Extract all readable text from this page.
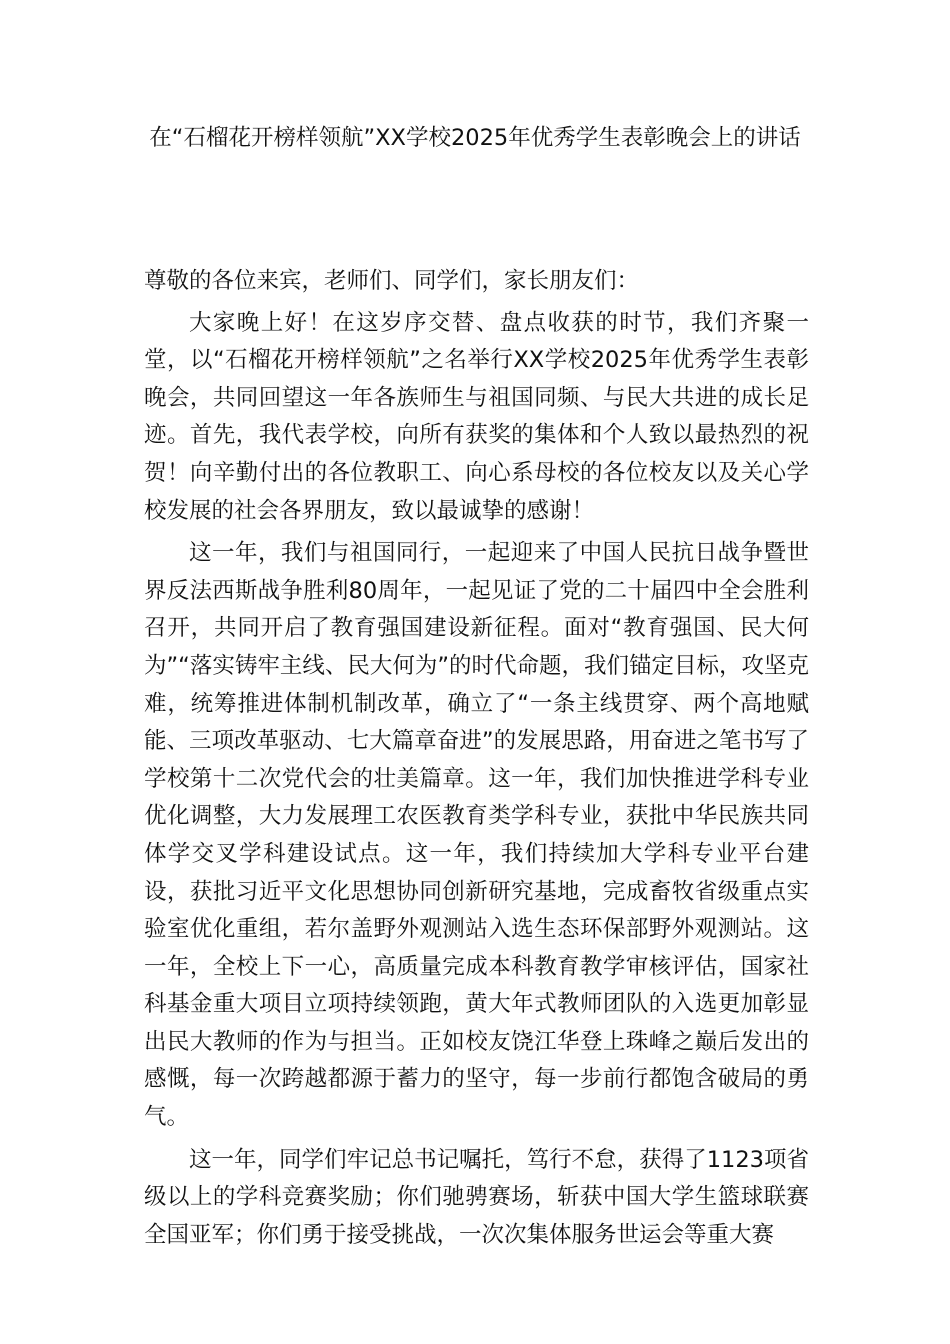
在“石榴花开榜样领航”XX学校2025年优秀学生表彰晚会上的讲话

尊敬的各位来宾，老师们、同学们，家长朋友们：

大家晚上好！在这岁序交替、盘点收获的时节，我们齐聚一堂，以“石榴花开榜样领航”之名举行XX学校2025年优秀学生表彰晚会，共同回望这一年各族师生与祖国同频、与民大共进的成长足迹。首先，我代表学校，向所有获奖的集体和个人致以最热烈的祝贺！向辛勤付出的各位教职工、向心系母校的各位校友以及关心学校发展的社会各界朋友，致以最诚挚的感谢！

这一年，我们与祖国同行，一起迎来了中国人民抗日战争暨世界反法西斯战争胜利80周年，一起见证了党的二十届四中全会胜利召开，共同开启了教育强国建设新征程。面对“教育强国、民大何为”“落实铸牢主线、民大何为”的时代命题，我们锚定目标，攻坚克难，统筹推进体制机制改革，确立了“一条主线贯穿、两个高地赋能、三项改革驱动、七大篇章奋进”的发展思路，用奋进之笔书写了学校第十二次党代会的壮美篇章。这一年，我们加快推进学科专业优化调整，大力发展理工农医教育类学科专业，获批中华民族共同体学交叉学科建设试点。这一年，我们持续加大学科专业平台建设，获批习近平文化思想协同创新研究基地，完成畜牧省级重点实验室优化重组，若尔盖野外观测站入选生态环保部野外观测站。这一年，全校上下一心，高质量完成本科教育教学审核评估，国家社科基金重大项目立项持续领跑，黄大年式教师团队的入选更加彰显出民大教师的作为与担当。正如校友饶江华登上珠峰之巅后发出的感慨，每一次跨越都源于蓄力的坚守，每一步前行都饱含破局的勇气。

这一年，同学们牢记总书记嘱托，笃行不怠，获得了1123项省级以上的学科竞赛奖励；你们驰骋赛场，斩获中国大学生篮球联赛全国亚军；你们勇于接受挑战，一次次集体服务世运会等重大赛
